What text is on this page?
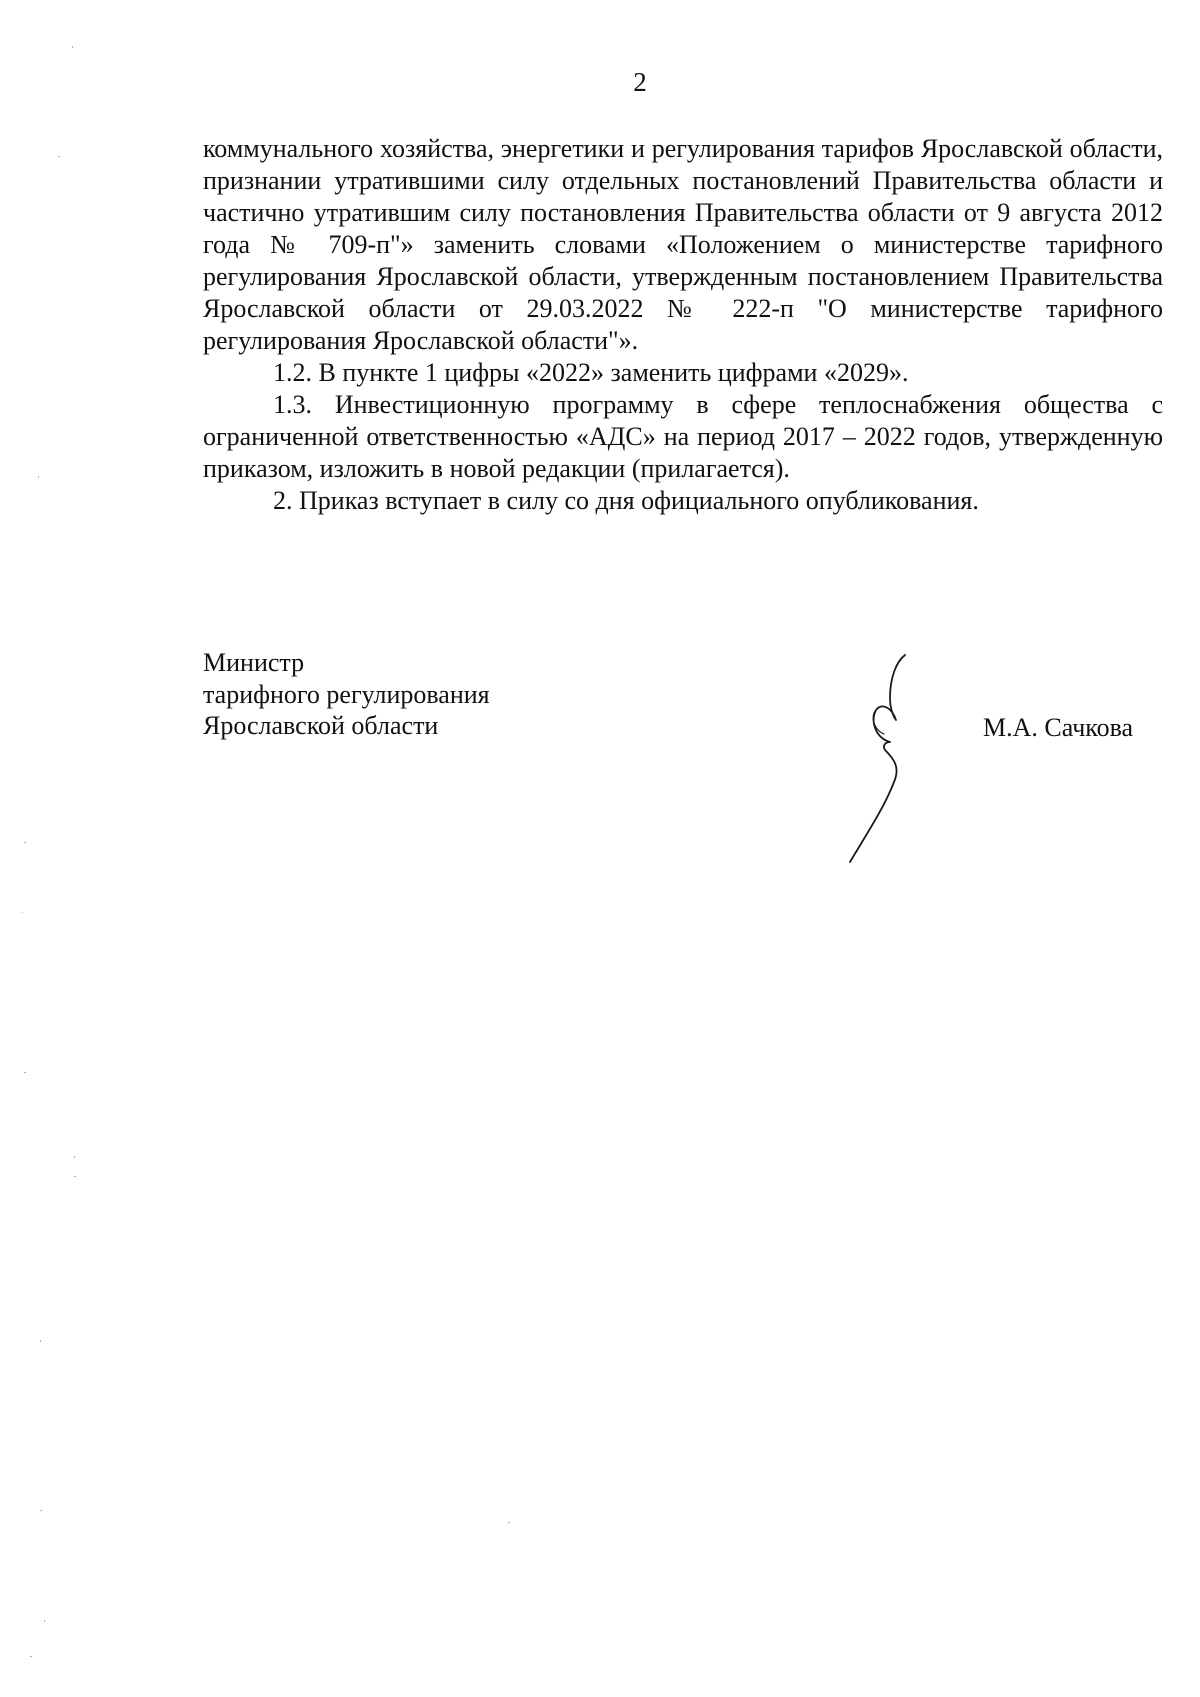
2

коммунального хозяйства, энергетики и регулирования тарифов Ярославской области, признании утратившими силу отдельных постановлений Правительства области и частично утратившим силу постановления Правительства области от 9 августа 2012 года № 709-п"» заменить словами «Положением о министерстве тарифного регулирования Ярославской области, утвержденным постановлением Правительства Ярославской области от 29.03.2022 № 222-п "О министерстве тарифного регулирования Ярославской области"».

1.2. В пункте 1 цифры «2022» заменить цифрами «2029».

1.3. Инвестиционную программу в сфере теплоснабжения общества с ограниченной ответственностью «АДС» на период 2017 – 2022 годов, утвержденную приказом, изложить в новой редакции (прилагается).

2. Приказ вступает в силу со дня официального опубликования.

Министр
тарифного регулирования
Ярославской области	М.А. Сачкова
